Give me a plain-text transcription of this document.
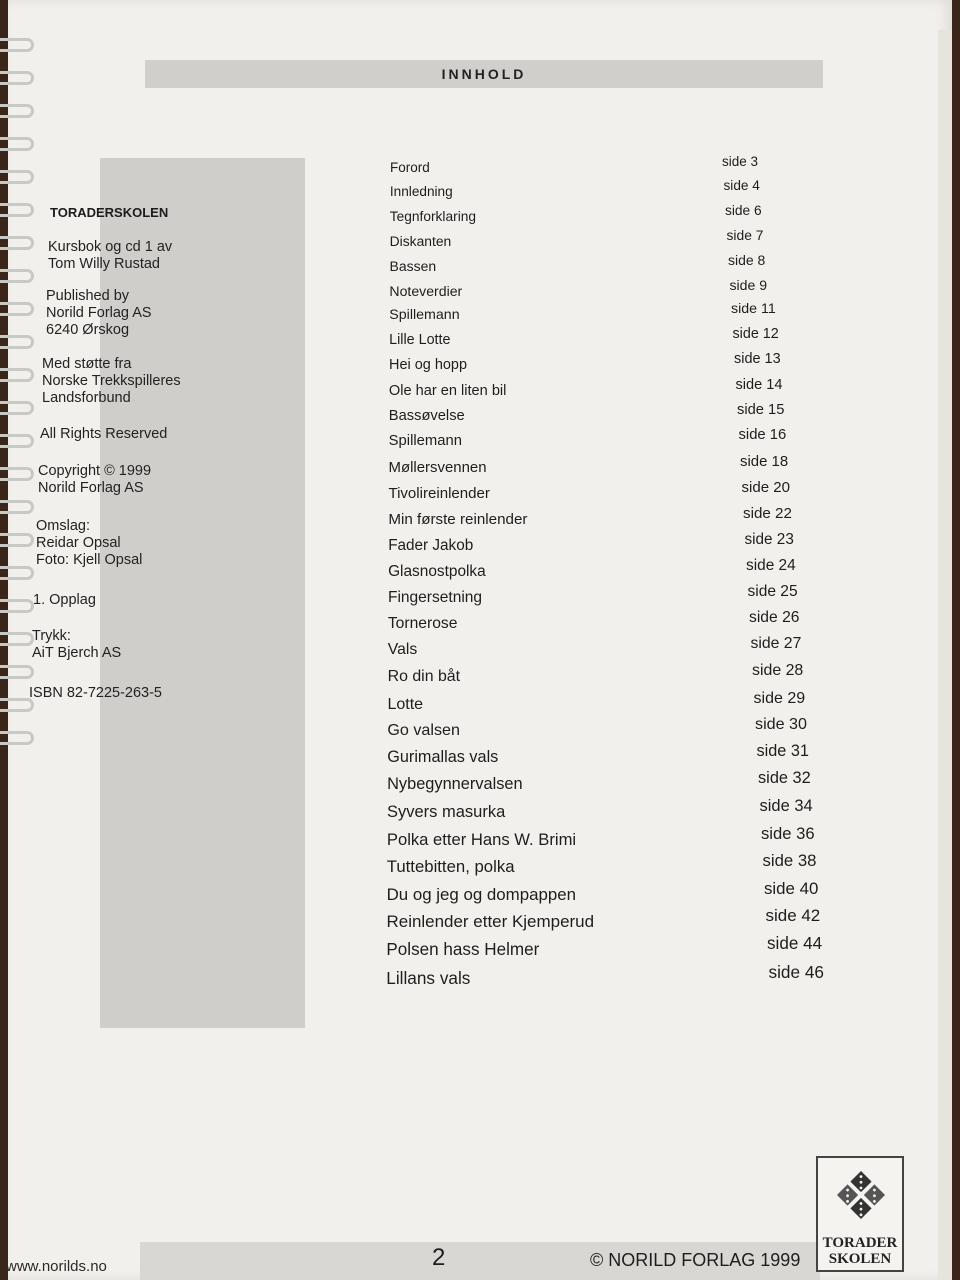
INNHOLD
TORADERSKOLEN
Kursbok og cd 1 av
Tom Willy Rustad
Published by
Norild Forlag AS
6240 Ørskog
Med støtte fra
Norske Trekkspilleres
Landsforbund
All Rights Reserved
Copyright © 1999
Norild Forlag AS
Omslag:
Reidar Opsal
Foto: Kjell Opsal
1. Opplag
Trykk:
AiT Bjerch AS
ISBN 82-7225-263-5
Forord	side 3
Innledning	side 4
Tegnforklaring	side 6
Diskanten	side 7
Bassen	side 8
Noteverdier	side 9
Spillemann	side 11
Lille Lotte	side 12
Hei og hopp	side 13
Ole har en liten bil	side 14
Bassøvelse	side 15
Spillemann	side 16
Møllersvennen	side 18
Tivolireinlender	side 20
Min første reinlender	side 22
Fader Jakob	side 23
Glasnostpolka	side 24
Fingersetning	side 25
Tornerose	side 26
Vals	side 27
Ro din båt	side 28
Lotte	side 29
Go valsen	side 30
Gurimallas vals	side 31
Nybegynnervalsen	side 32
Syvers masurka	side 34
Polka etter Hans W. Brimi	side 36
Tuttebitten, polka	side 38
Du og jeg og dompappen	side 40
Reinlender etter Kjemperud	side 42
Polsen hass Helmer	side 44
Lillans vals	side 46
www.norilds.no	2	© NORILD FORLAG 1999
TORADER
SKOLEN
